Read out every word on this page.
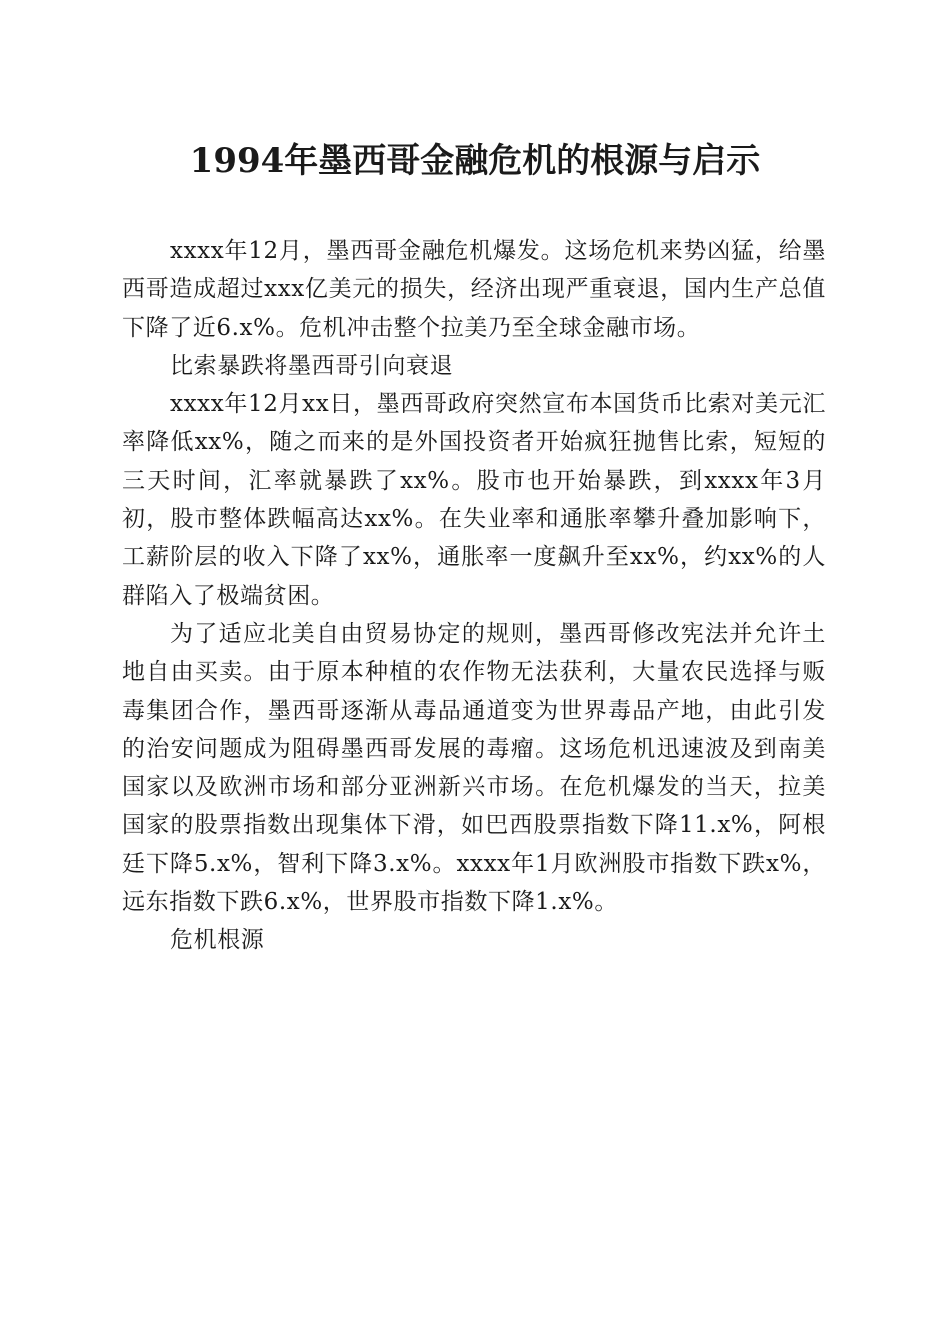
1994年墨西哥金融危机的根源与启示

xxxx年12月，墨西哥金融危机爆发。这场危机来势凶猛，给墨西哥造成超过xxx亿美元的损失，经济出现严重衰退，国内生产总值下降了近6.x%。危机冲击整个拉美乃至全球金融市场。

比索暴跌将墨西哥引向衰退

xxxx年12月xx日，墨西哥政府突然宣布本国货币比索对美元汇率降低xx%，随之而来的是外国投资者开始疯狂抛售比索，短短的三天时间，汇率就暴跌了xx%。股市也开始暴跌，到xxxx年3月初，股市整体跌幅高达xx%。在失业率和通胀率攀升叠加影响下，工薪阶层的收入下降了xx%，通胀率一度飙升至xx%，约xx%的人群陷入了极端贫困。

为了适应北美自由贸易协定的规则，墨西哥修改宪法并允许土地自由买卖。由于原本种植的农作物无法获利，大量农民选择与贩毒集团合作，墨西哥逐渐从毒品通道变为世界毒品产地，由此引发的治安问题成为阻碍墨西哥发展的毒瘤。这场危机迅速波及到南美国家以及欧洲市场和部分亚洲新兴市场。在危机爆发的当天，拉美国家的股票指数出现集体下滑，如巴西股票指数下降11.x%，阿根廷下降5.x%，智利下降3.x%。xxxx年1月欧洲股市指数下跌x%，远东指数下跌6.x%，世界股市指数下降1.x%。

危机根源
